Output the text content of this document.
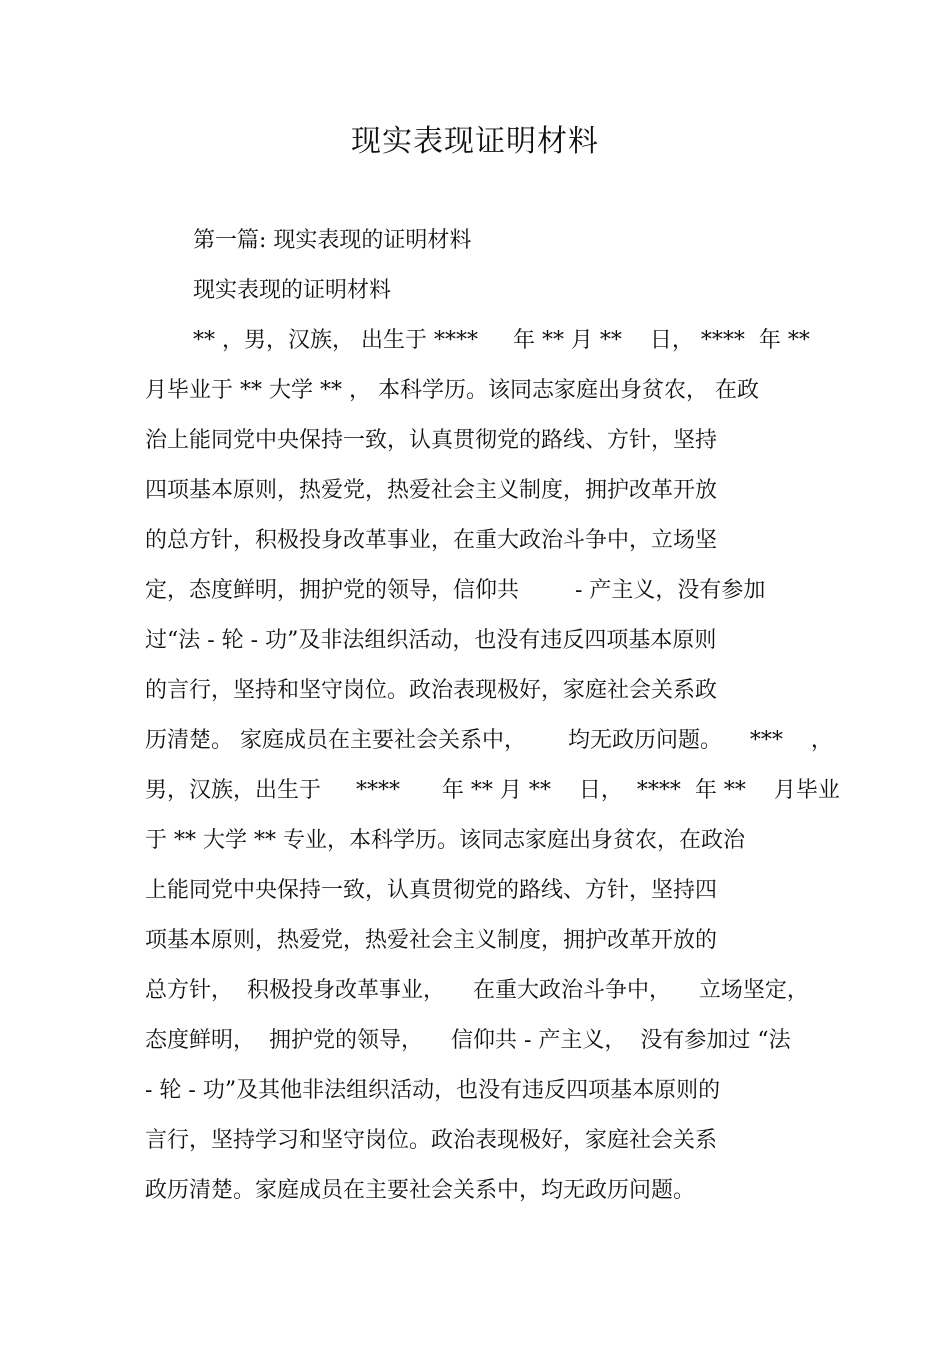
现实表现证明材料
第一篇: 现实表现的证明材料
现实表现的证明材料
** ，男，汉族， 出生于 ****     年 ** 月 **    日， ****  年 **
月毕业于 ** 大学 ** ， 本科学历。该同志家庭出身贫农， 在政
治上能同党中央保持一致，认真贯彻党的路线、方针，坚持
四项基本原则，热爱党，热爱社会主义制度，拥护改革开放
的总方针，积极投身改革事业，在重大政治斗争中，立场坚
定，态度鲜明，拥护党的领导，信仰共        - 产主义，没有参加
过“法 - 轮 - 功”及非法组织活动，也没有违反四项基本原则
的言行，坚持和坚守岗位。政治表现极好，家庭社会关系政
历清楚。 家庭成员在主要社会关系中，      均无政历问题。    ***    ，
男，汉族，出生于     ****      年 ** 月 **    日，  ****  年 **    月毕业
于 ** 大学 ** 专业，本科学历。该同志家庭出身贫农，在政治
上能同党中央保持一致，认真贯彻党的路线、方针，坚持四
项基本原则，热爱党，热爱社会主义制度，拥护改革开放的
总方针，  积极投身改革事业，    在重大政治斗争中，    立场坚定，
态度鲜明，  拥护党的领导，    信仰共 - 产主义，  没有参加过 “法
- 轮 - 功”及其他非法组织活动，也没有违反四项基本原则的
言行，坚持学习和坚守岗位。政治表现极好，家庭社会关系
政历清楚。家庭成员在主要社会关系中，均无政历问题。
